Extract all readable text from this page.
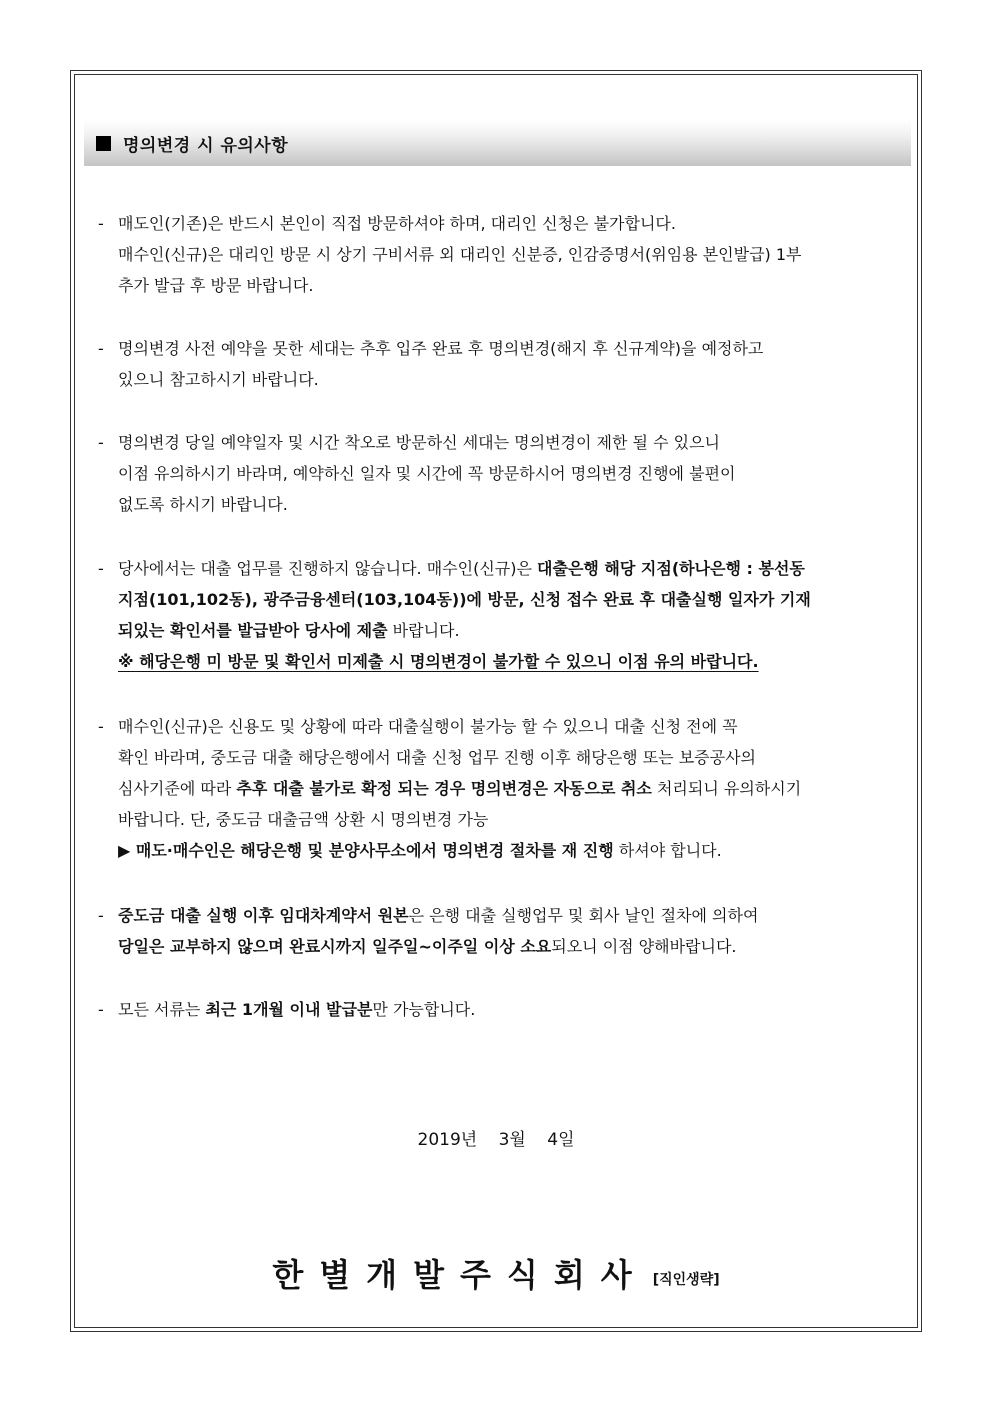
명의변경 시 유의사항
-매도인(기존)은 반드시 본인이 직접 방문하셔야 하며, 대리인 신청은 불가합니다.
매수인(신규)은 대리인 방문 시 상기 구비서류 외 대리인 신분증, 인감증명서(위임용 본인발급) 1부
추가 발급 후 방문 바랍니다.
-명의변경 사전 예약을 못한 세대는 추후 입주 완료 후 명의변경(해지 후 신규계약)을 예정하고
있으니 참고하시기 바랍니다.
-명의변경 당일 예약일자 및 시간 착오로 방문하신 세대는 명의변경이 제한 될 수 있으니
이점 유의하시기 바라며, 예약하신 일자 및 시간에 꼭 방문하시어 명의변경 진행에 불편이
없도록 하시기 바랍니다.
-당사에서는 대출 업무를 진행하지 않습니다. 매수인(신규)은 대출은행 해당 지점(하나은행 : 봉선동
지점(101,102동), 광주금융센터(103,104동))에 방문, 신청 접수 완료 후 대출실행 일자가 기재
되있는 확인서를 발급받아 당사에 제출 바랍니다.
※ 해당은행 미 방문 및 확인서 미제출 시 명의변경이 불가할 수 있으니 이점 유의 바랍니다.
-매수인(신규)은 신용도 및 상황에 따라 대출실행이 불가능 할 수 있으니 대출 신청 전에 꼭
확인 바라며, 중도금 대출 해당은행에서 대출 신청 업무 진행 이후 해당은행 또는 보증공사의
심사기준에 따라 추후 대출 불가로 확정 되는 경우 명의변경은 자동으로 취소 처리되니 유의하시기
바랍니다. 단, 중도금 대출금액 상환 시 명의변경 가능
▶ 매도·매수인은 해당은행 및 분양사무소에서 명의변경 절차를 재 진행 하셔야 합니다.
-중도금 대출 실행 이후 임대차계약서 원본은 은행 대출 실행업무 및 회사 날인 절차에 의하여
당일은 교부하지 않으며 완료시까지 일주일~이주일 이상 소요되오니 이점 양해바랍니다.
-모든 서류는 최근 1개월 이내 발급분만 가능합니다.
2019년 3월 4일
한별개발주식회사 [직인생략]
